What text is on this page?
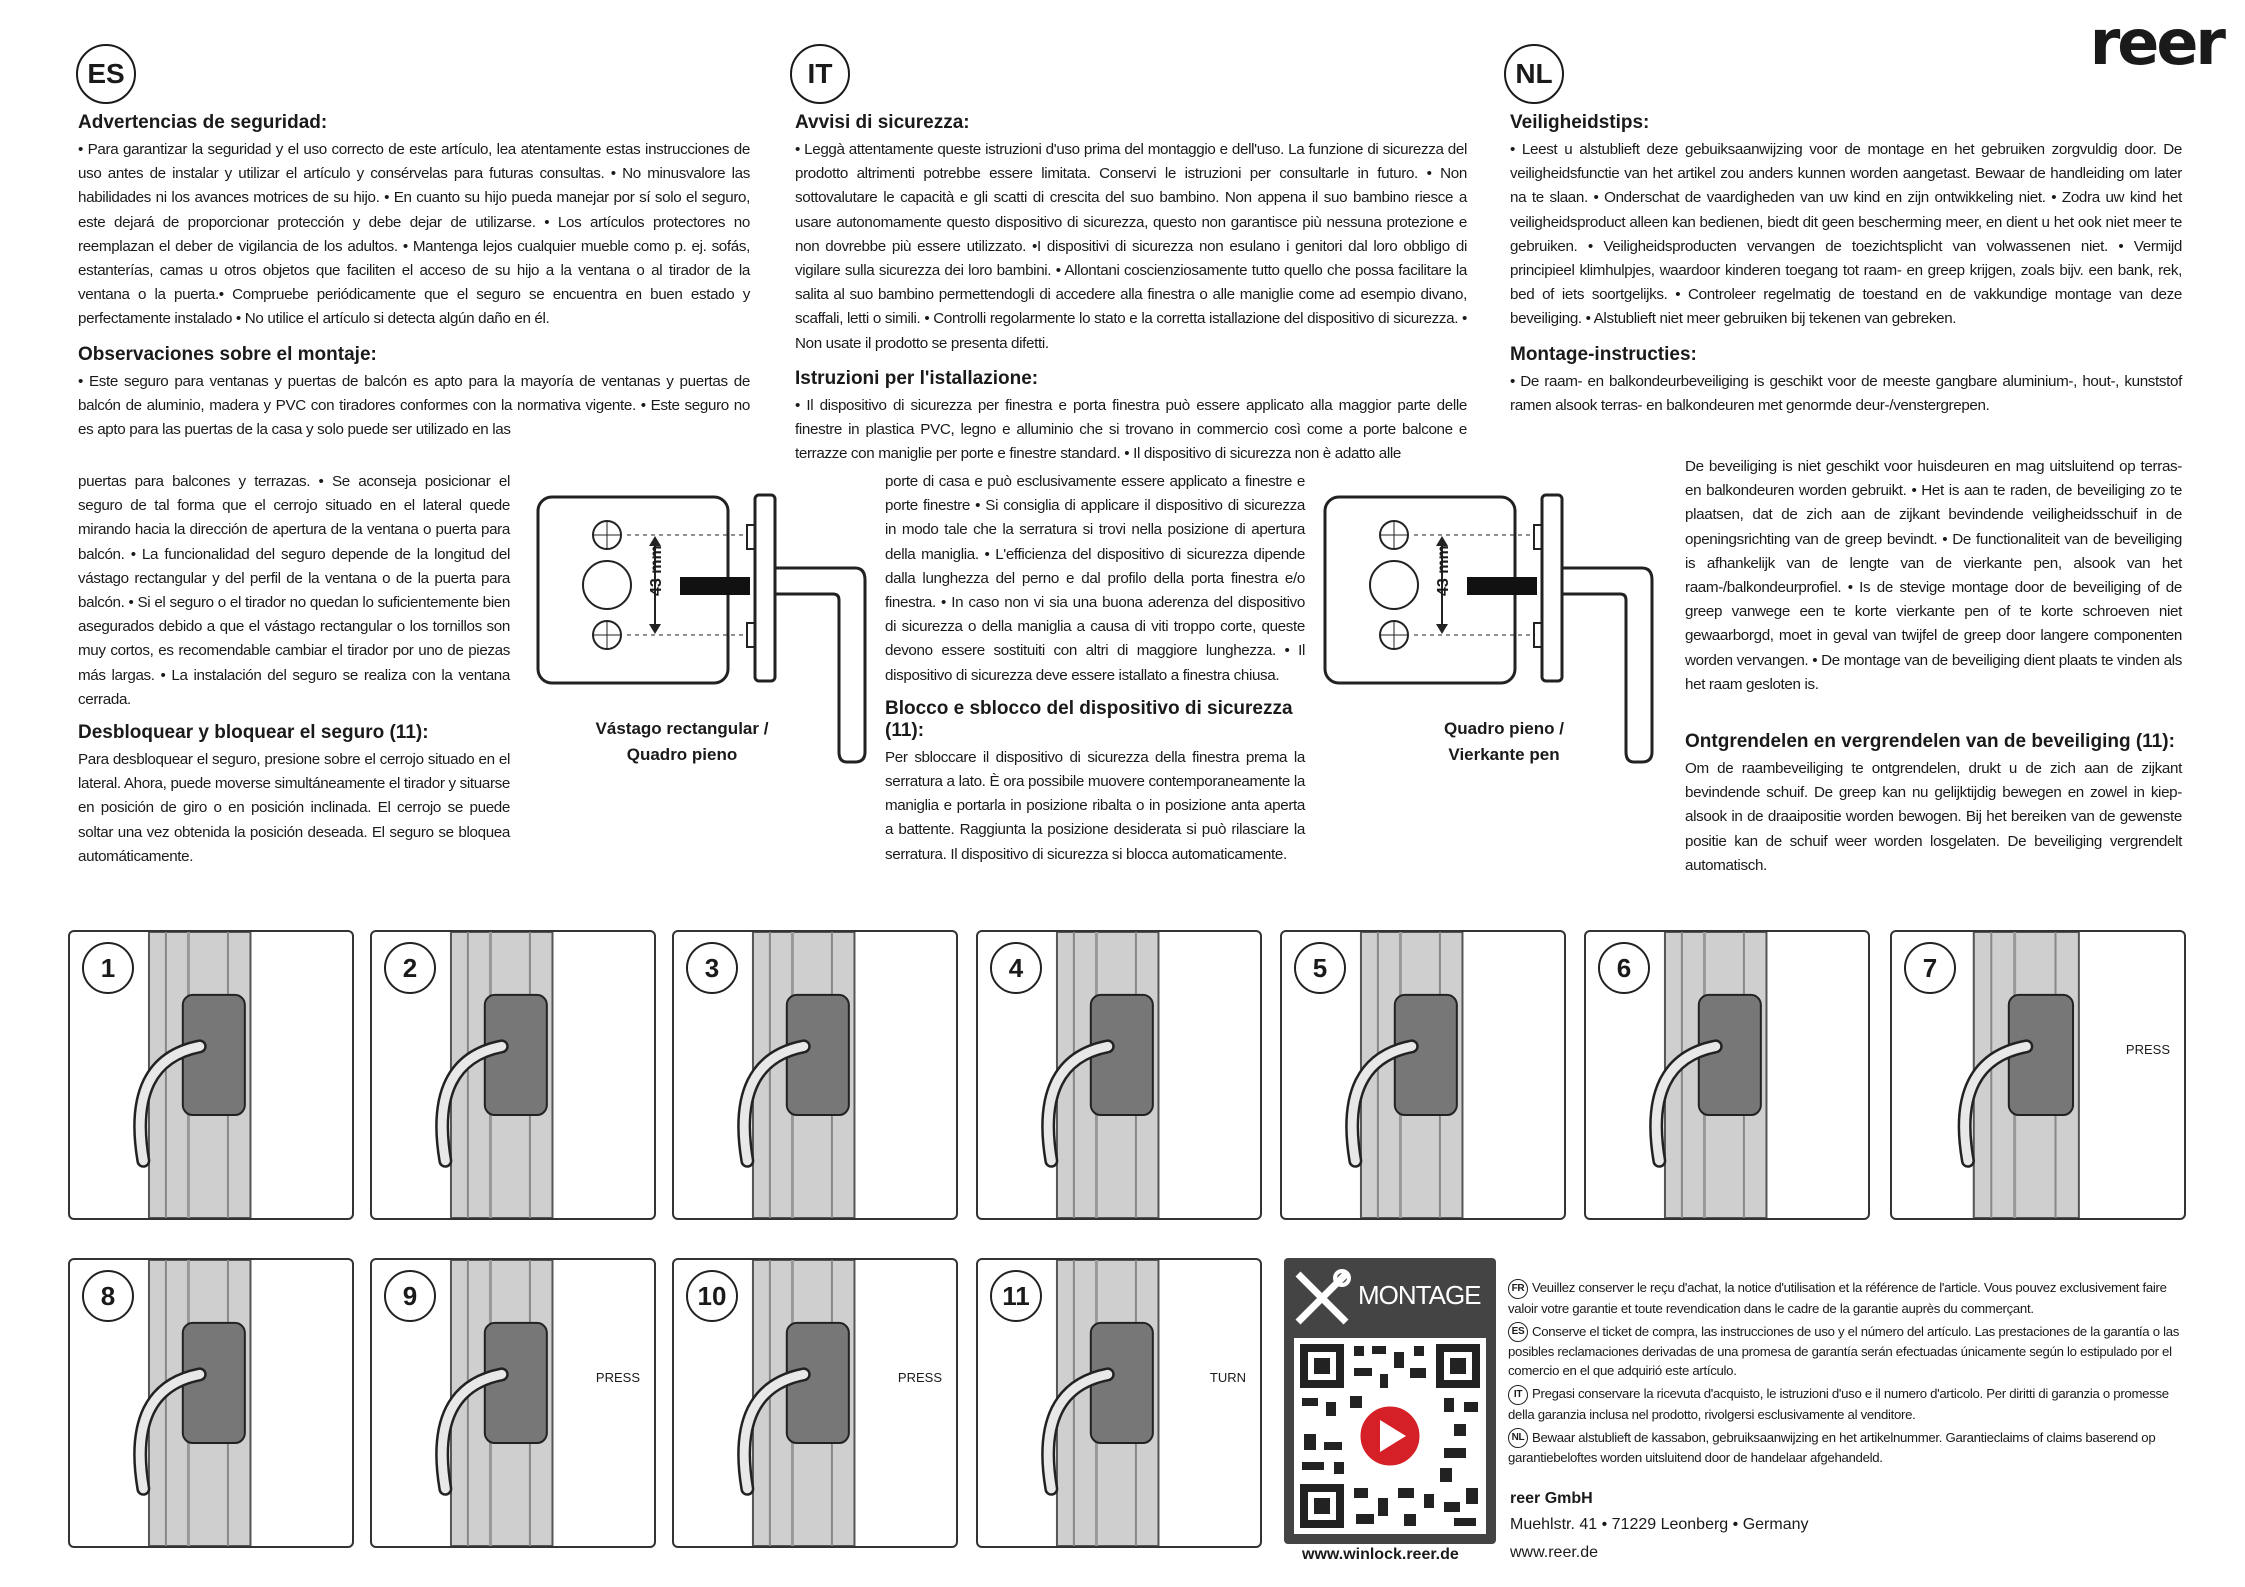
reer
ES	IT	NL
Advertencias de seguridad:

• Para garantizar la seguridad y el uso correcto de este artículo, lea atentamente estas instrucciones de uso antes de instalar y utilizar el artículo y consérvelas para futuras consultas. • No minusvalore las habilidades ni los avances motrices de su hijo. • En cuanto su hijo pueda manejar por sí solo el seguro, este dejará de proporcionar protección y debe dejar de utilizarse. • Los artículos protectores no reemplazan el deber de vigilancia de los adultos. • Mantenga lejos cualquier mueble como p. ej. sofás, estanterías, camas u otros objetos que faciliten el acceso de su hijo a la ventana o al tirador de la ventana o la puerta.• Compruebe periódicamente que el seguro se encuentra en buen estado y perfectamente instalado • No utilice el artículo si detecta algún daño en él.

Observaciones sobre el montaje:

• Este seguro para ventanas y puertas de balcón es apto para la mayoría de ventanas y puertas de balcón de aluminio, madera y PVC con tiradores conformes con la normativa vigente. • Este seguro no es apto para las puertas de la casa y solo puede ser utilizado en las

puertas para balcones y terrazas. • Se aconseja posicionar el seguro de tal forma que el cerrojo situado en el lateral quede mirando hacia la dirección de apertura de la ventana o puerta para balcón. • La funcionalidad del seguro depende de la longitud del vástago rectangular y del perfil de la ventana o de la puerta para balcón. • Si el seguro o el tirador no quedan lo suficientemente bien asegurados debido a que el vástago rectangular o los tornillos son muy cortos, es recomendable cambiar el tirador por uno de piezas más largas. • La instalación del seguro se realiza con la ventana cerrada.

Desbloquear y bloquear el seguro (11):

Para desbloquear el seguro, presione sobre el cerrojo situado en el lateral. Ahora, puede moverse simultáneamente el tirador y situarse en posición de giro o en posición inclinada. El cerrojo se puede soltar una vez obtenida la posición deseada. El seguro se bloquea automáticamente.

Avvisi di sicurezza:

• Leggà attentamente queste istruzioni d'uso prima del montaggio e dell'uso. La funzione di sicurezza del prodotto altrimenti potrebbe essere limitata. Conservi le istruzioni per consultarle in futuro. • Non sottovalutare le capacità e gli scatti di crescita del suo bambino. Non appena il suo bambino riesce a usare autonomamente questo dispositivo di sicurezza, questo non garantisce più nessuna protezione e non dovrebbe più essere utilizzato. •I dispositivi di sicurezza non esulano i genitori dal loro obbligo di vigilare sulla sicurezza dei loro bambini. • Allontani coscienziosamente tutto quello che possa facilitare la salita al suo bambino permettendogli di accedere alla finestra o alle maniglie come ad esempio divano, scaffali, letti o simili. • Controlli regolarmente lo stato e la corretta istallazione del dispositivo di sicurezza. • Non usate il prodotto se presenta difetti.

Istruzioni per l'istallazione:

• Il dispositivo di sicurezza per finestra e porta finestra può essere applicato alla maggior parte delle finestre in plastica PVC, legno e alluminio che si trovano in commercio così come a porte balcone e terrazze con maniglie per porte e finestre standard. • Il dispositivo di sicurezza non è adatto alle

porte di casa e può esclusivamente essere applicato a finestre e porte finestre • Si consiglia di applicare il dispositivo di sicurezza in modo tale che la serratura si trovi nella posizione di apertura della maniglia. • L'efficienza del dispositivo di sicurezza dipende dalla lunghezza del perno e dal profilo della porta finestra e/o finestra. • In caso non vi sia una buona aderenza del dispositivo di sicurezza o della maniglia a causa di viti troppo corte, queste devono essere sostituiti con altri di maggiore lunghezza. • Il dispositivo di sicurezza deve essere istallato a finestra chiusa.

Blocco e sblocco del dispositivo di sicurezza (11):

Per sbloccare il dispositivo di sicurezza della finestra prema la serratura a lato. È ora possibile muovere contemporaneamente la maniglia e portarla in posizione ribalta o in posizione anta aperta a battente. Raggiunta la posizione desiderata si può rilasciare la serratura. Il dispositivo di sicurezza si blocca automaticamente.

Veiligheidstips:

• Leest u alstublieft deze gebuiksaanwijzing voor de montage en het gebruiken zorgvuldig door. De veiligheidsfunctie van het artikel zou anders kunnen worden aangetast. Bewaar de handleiding om later na te slaan. • Onderschat de vaardigheden van uw kind en zijn ontwikkeling niet. • Zodra uw kind het veiligheidsproduct alleen kan bedienen, biedt dit geen bescherming meer, en dient u het ook niet meer te gebruiken. • Veiligheidsproducten vervangen de toezichtsplicht van volwassenen niet. • Vermijd principieel klimhulpjes, waardoor kinderen toegang tot raam- en greep krijgen, zoals bijv. een bank, rek, bed of iets soortgelijks. • Controleer regelmatig de toestand en de vakkundige montage van deze beveiliging. • Alstublieft niet meer gebruiken bij tekenen van gebreken.

Montage-instructies:

• De raam- en balkondeurbeveiliging is geschikt voor de meeste gangbare aluminium-, hout-, kunststof ramen alsook terras- en balkondeuren met genormde deur-/venstergrepen.

De beveiliging is niet geschikt voor huisdeuren en mag uitsluitend op terras- en balkondeuren worden gebruikt. • Het is aan te raden, de beveiliging zo te plaatsen, dat de zich aan de zijkant bevindende veiligheidsschuif in de openingsrichting van de greep bevindt. • De functionaliteit van de beveiliging is afhankelijk van de lengte van de vierkante pen, alsook van het raam-/balkondeurprofiel. • Is de stevige montage door de beveiliging of de greep vanwege een te korte vierkante pen of te korte schroeven niet gewaarborgd, moet in geval van twijfel de greep door langere componenten worden vervangen. • De montage van de beveiliging dient plaats te vinden als het raam gesloten is.

Ontgrendelen en vergrendelen van de beveiliging (11):

Om de raambeveiliging te ontgrendelen, drukt u de zich aan de zijkant bevindende schuif. De greep kan nu gelijktijdig bewegen en zowel in kiep- alsook in de draaipositie worden bewogen. Bij het bereiken van de gewenste positie kan de schuif weer worden losgelaten. De beveiliging vergrendelt automatisch.

43 mm
Vástago rectangular /
Quadro pieno
43 mm
Quadro pieno /
Vierkante pen
1	2	3	4	5	6	7
PRESS
8	9
PRESS
10
PRESS
11
TURN
MONTAGE
www.winlock.reer.de
FR Veuillez conserver le reçu d'achat, la notice d'utilisation et la référence de l'article. Vous pouvez exclusivement faire valoir votre garantie et toute revendication dans le cadre de la garantie auprès du commerçant.
ES Conserve el ticket de compra, las instrucciones de uso y el número del artículo. Las prestaciones de la garantía o las posibles reclamaciones derivadas de una promesa de garantía serán efectuadas únicamente según lo estipulado por el comercio en el que adquirió este artículo.
IT Pregasi conservare la ricevuta d'acquisto, le istruzioni d'uso e il numero d'articolo. Per diritti di garanzia o promesse della garanzia inclusa nel prodotto, rivolgersi esclusivamente al venditore.
NL Bewaar alstublieft de kassabon, gebruiksaanwijzing en het artikelnummer. Garantieclaims of claims baserend op garantiebeloftes worden uitsluitend door de handelaar afgehandeld.
reer GmbH
Muehlstr. 41 • 71229 Leonberg • Germany
www.reer.de
